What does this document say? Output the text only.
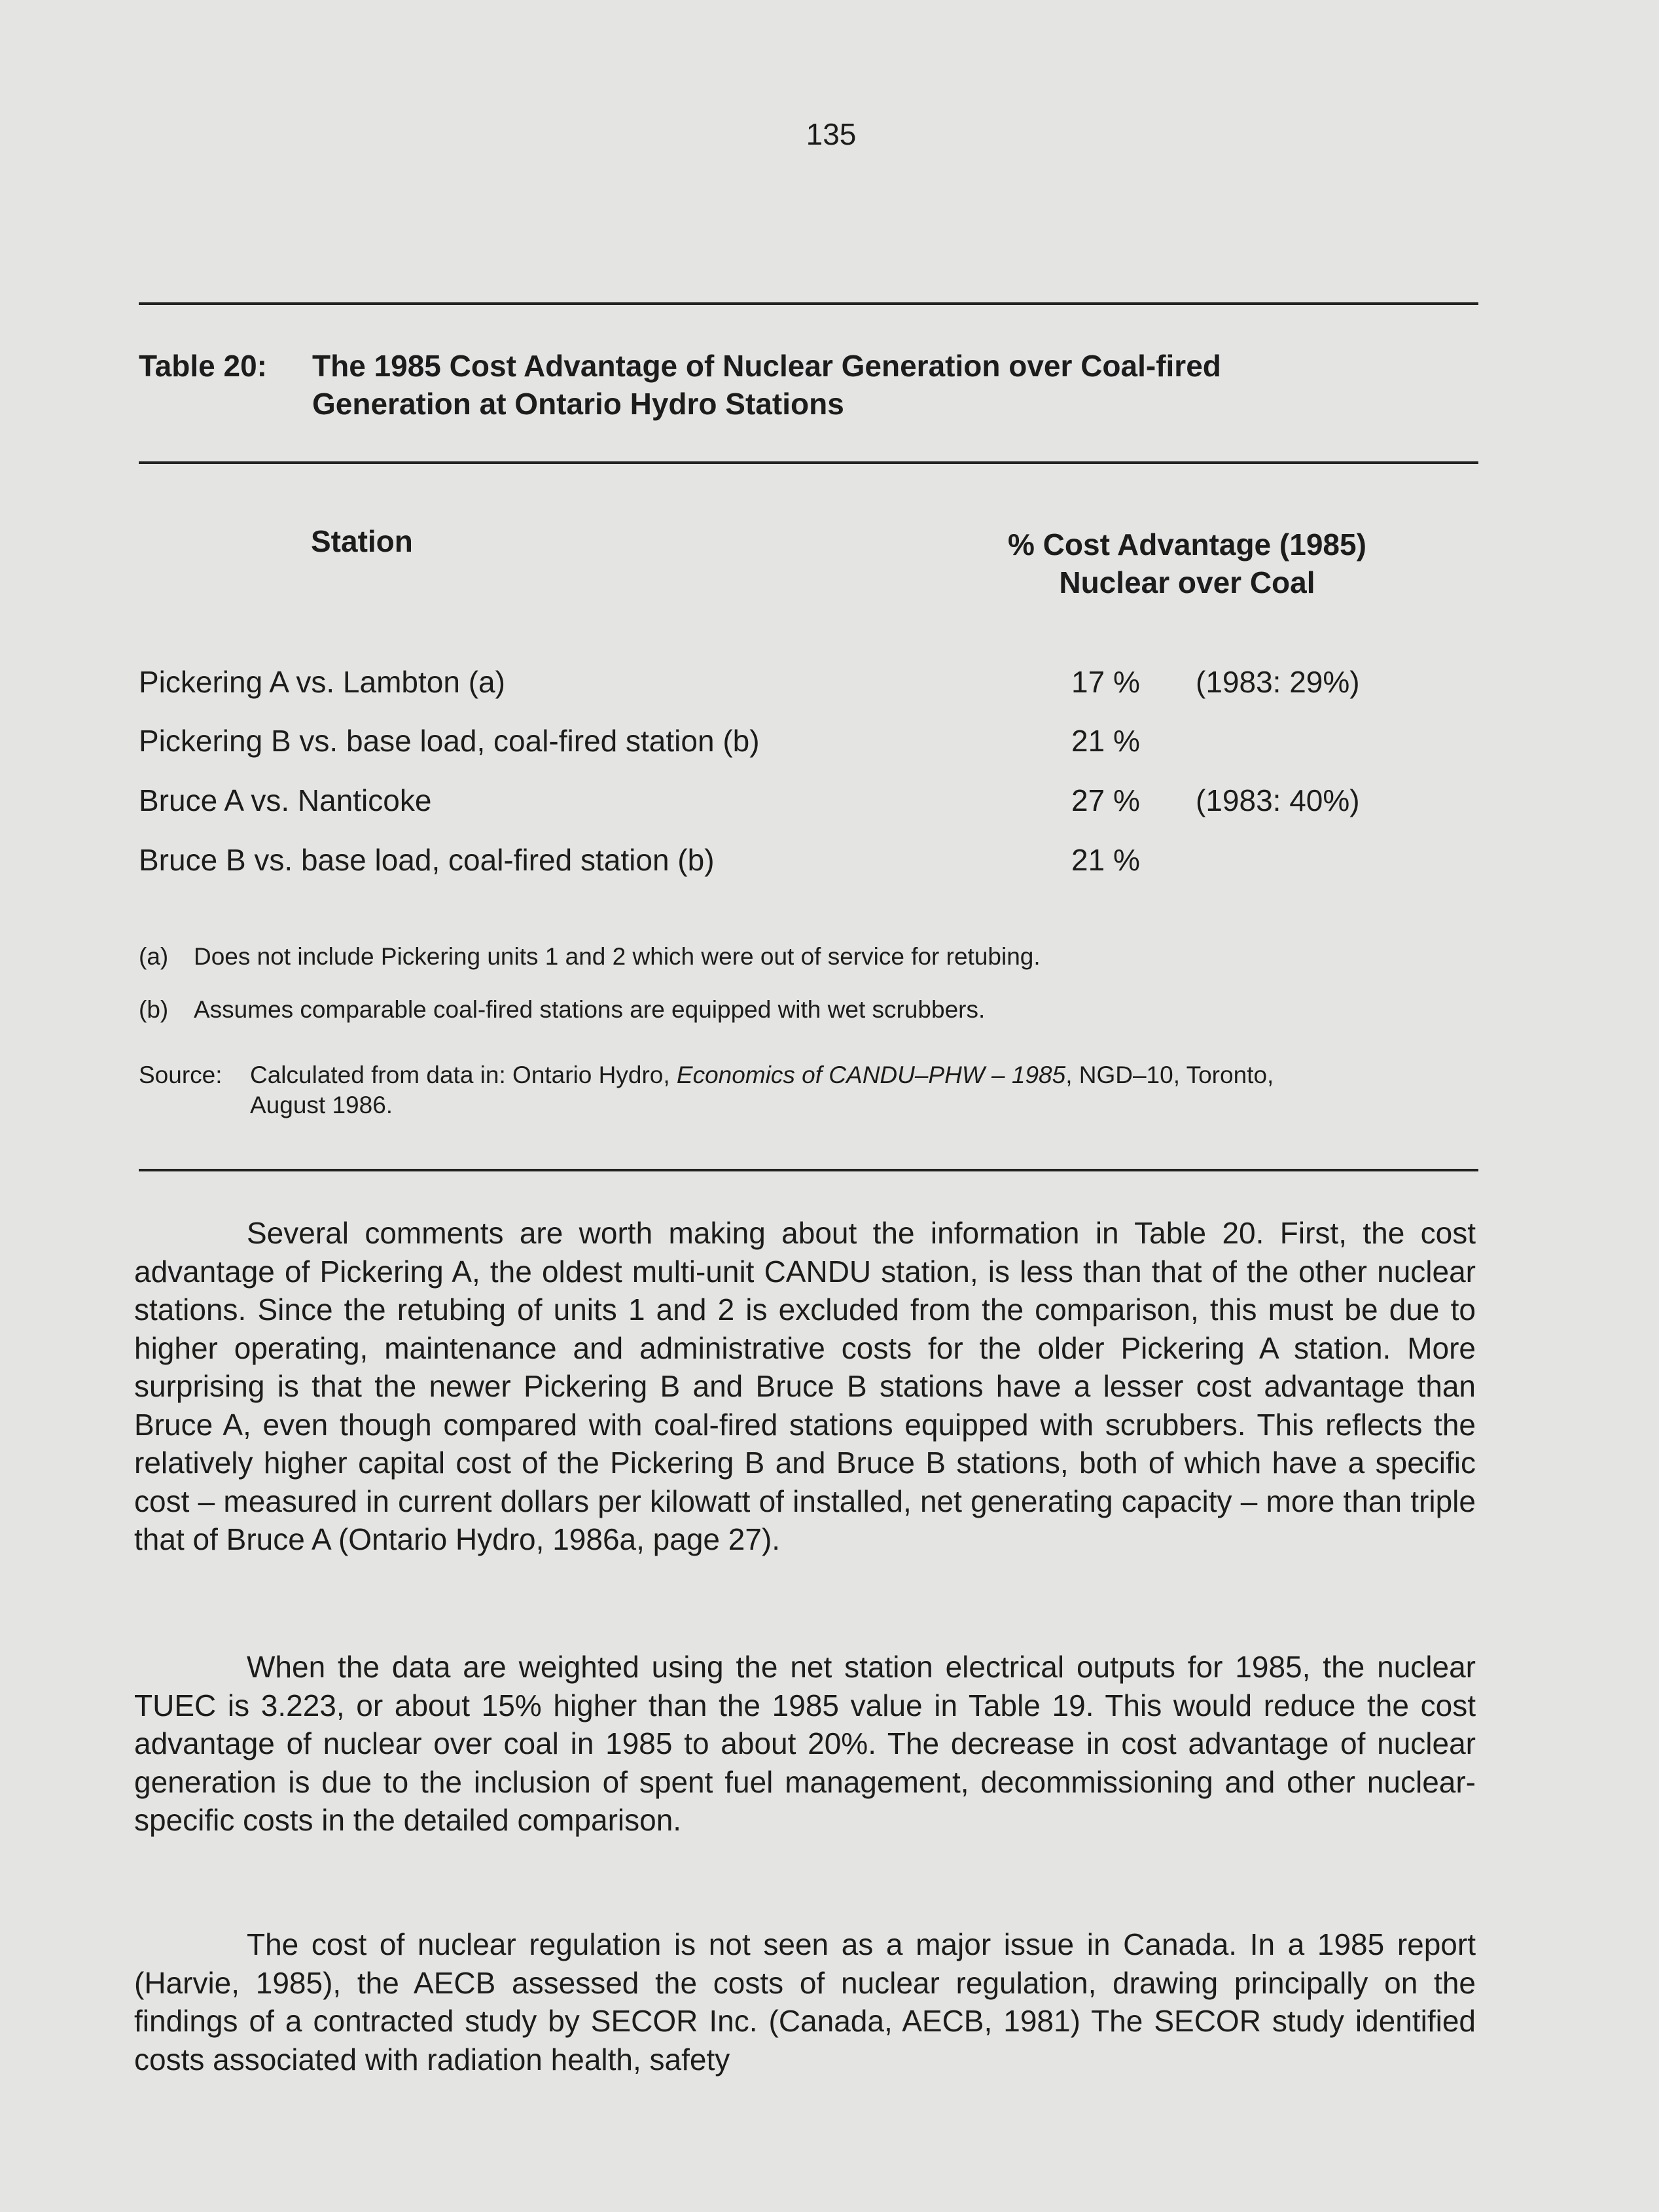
135
Table 20: The 1985 Cost Advantage of Nuclear Generation over Coal-fired
Generation at Ontario Hydro Stations
Station	% Cost Advantage (1985)
Nuclear over Coal
Pickering A vs. Lambton (a)	17 % (1983: 29%)
Pickering B vs. base load, coal-fired station (b)	21 %
Bruce A vs. Nanticoke	27 % (1983: 40%)
Bruce B vs. base load, coal-fired station (b)	21 %
(a) Does not include Pickering units 1 and 2 which were out of service for retubing.
(b) Assumes comparable coal-fired stations are equipped with wet scrubbers.
Source: Calculated from data in: Ontario Hydro, Economics of CANDU–PHW – 1985, NGD–10, Toronto,
August 1986.

Several comments are worth making about the information in Table 20. First, the cost advantage of Pickering A, the oldest multi-unit CANDU station, is less than that of the other nuclear stations. Since the retubing of units 1 and 2 is excluded from the comparison, this must be due to higher operating, maintenance and administrative costs for the older Pickering A station. More surprising is that the newer Pickering B and Bruce B stations have a lesser cost advantage than Bruce A, even though compared with coal-fired stations equipped with scrubbers. This reflects the relatively higher capital cost of the Pickering B and Bruce B stations, both of which have a specific cost – measured in current dollars per kilowatt of installed, net generating capacity – more than triple that of Bruce A (Ontario Hydro, 1986a, page 27).

When the data are weighted using the net station electrical outputs for 1985, the nuclear TUEC is 3.223, or about 15% higher than the 1985 value in Table 19. This would reduce the cost advantage of nuclear over coal in 1985 to about 20%. The decrease in cost advantage of nuclear generation is due to the inclusion of spent fuel management, decommissioning and other nuclear-specific costs in the detailed comparison.

The cost of nuclear regulation is not seen as a major issue in Canada. In a 1985 report (Harvie, 1985), the AECB assessed the costs of nuclear regulation, drawing principally on the findings of a contracted study by SECOR Inc. (Canada, AECB, 1981) The SECOR study identified costs associated with radiation health, safety
